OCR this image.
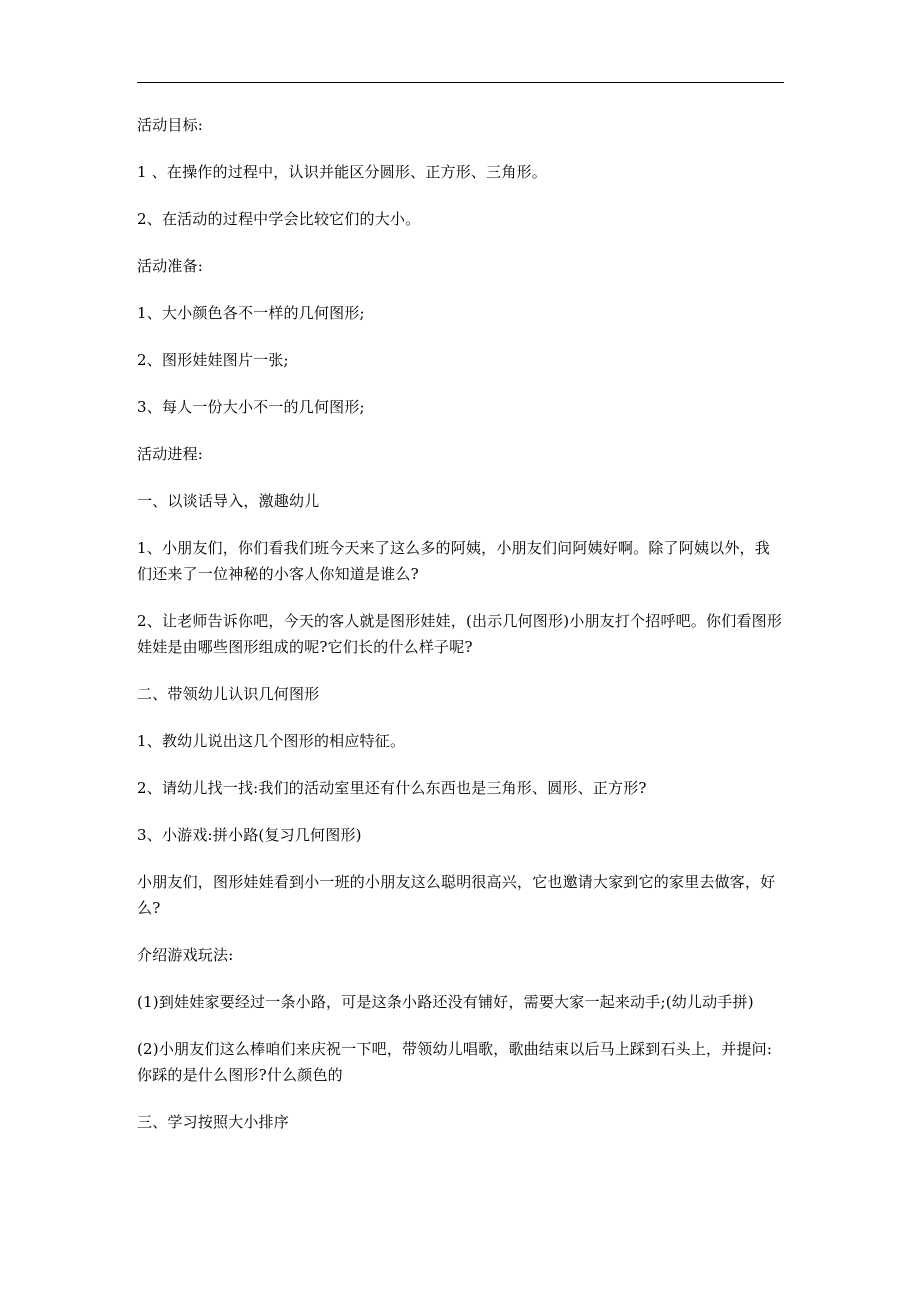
活动目标:

1 、在操作的过程中，认识并能区分圆形、正方形、三角形。

2、在活动的过程中学会比较它们的大小。

活动准备:

1、大小颜色各不一样的几何图形;

2、图形娃娃图片一张;

3、每人一份大小不一的几何图形;

活动进程:

一、以谈话导入，激趣幼儿

1、小朋友们，你们看我们班今天来了这么多的阿姨，小朋友们问阿姨好啊。除了阿姨以外，我们还来了一位神秘的小客人你知道是谁么?

2、让老师告诉你吧，今天的客人就是图形娃娃，(出示几何图形)小朋友打个招呼吧。你们看图形娃娃是由哪些图形组成的呢?它们长的什么样子呢?

二、带领幼儿认识几何图形

1、教幼儿说出这几个图形的相应特征。

2、请幼儿找一找:我们的活动室里还有什么东西也是三角形、圆形、正方形?

3、小游戏:拼小路(复习几何图形)

小朋友们，图形娃娃看到小一班的小朋友这么聪明很高兴，它也邀请大家到它的家里去做客，好么?

介绍游戏玩法:

(1)到娃娃家要经过一条小路，可是这条小路还没有铺好，需要大家一起来动手;(幼儿动手拼)

(2)小朋友们这么棒咱们来庆祝一下吧，带领幼儿唱歌，歌曲结束以后马上踩到石头上，并提问:你踩的是什么图形?什么颜色的

三、学习按照大小排序
